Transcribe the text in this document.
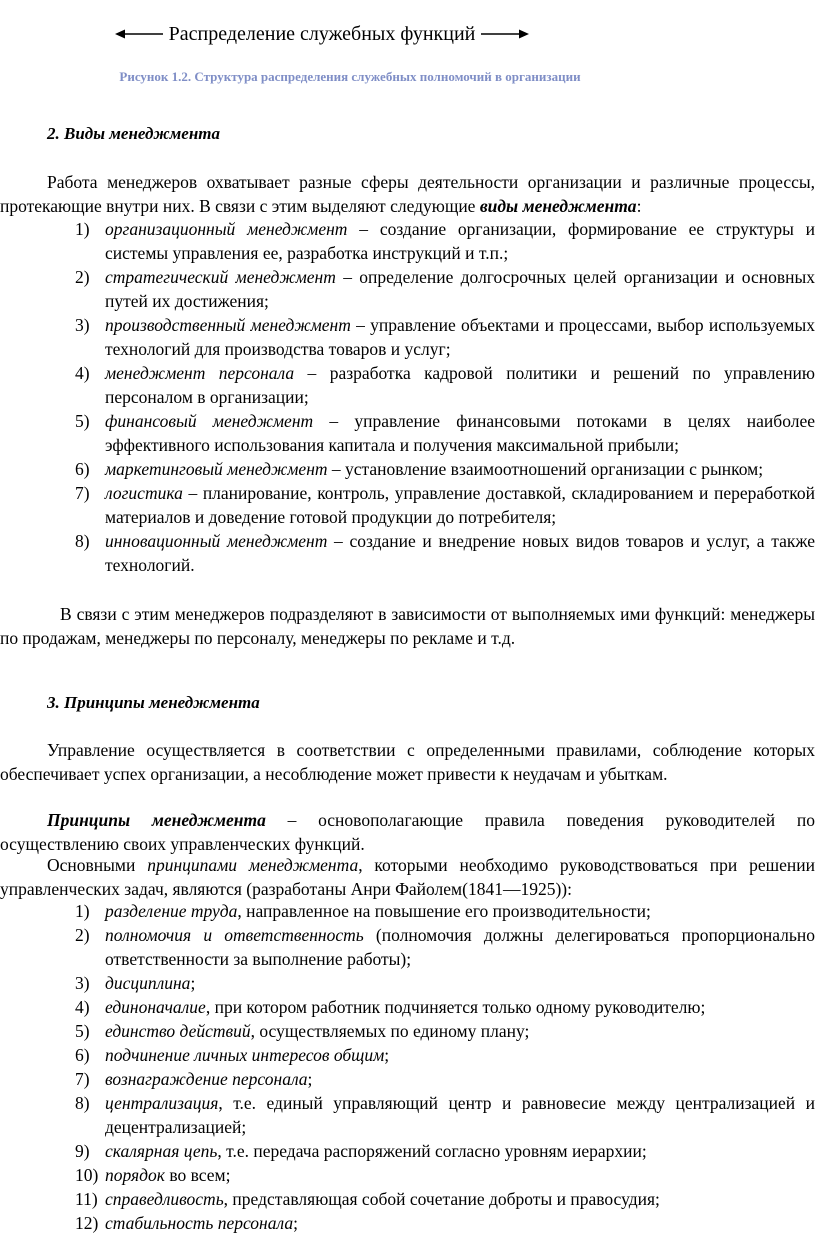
Распределение служебных функций
Рисунок 1.2. Структура распределения служебных полномочий в организации
2. Виды менеджмента
Работа менеджеров охватывает разные сферы деятельности организации и различные процессы, протекающие внутри них. В связи с этим выделяют следующие виды менеджмента:
1) организационный менеджмент – создание организации, формирование ее структуры и системы управления ее, разработка инструкций и т.п.;
2) стратегический менеджмент – определение долгосрочных целей организации и основных путей их достижения;
3) производственный менеджмент – управление объектами и процессами, выбор используемых технологий для производства товаров и услуг;
4) менеджмент персонала – разработка кадровой политики и решений по управлению персоналом в организации;
5) финансовый менеджмент – управление финансовыми потоками в целях наиболее эффективного использования капитала и получения максимальной прибыли;
6) маркетинговый менеджмент – установление взаимоотношений организации с рынком;
7) логистика – планирование, контроль, управление доставкой, складированием и переработкой материалов и доведение готовой продукции до потребителя;
8) инновационный менеджмент – создание и внедрение новых видов товаров и услуг, а также технологий.
В связи с этим менеджеров подразделяют в зависимости от выполняемых ими функций: менеджеры по продажам, менеджеры по персоналу, менеджеры по рекламе и т.д.
3. Принципы менеджмента
Управление осуществляется в соответствии с определенными правилами, соблюдение которых обеспечивает успех организации, а несоблюдение может привести к неудачам и убыткам.
Принципы менеджмента – основополагающие правила поведения руководителей по осуществлению своих управленческих функций.
Основными принципами менеджмента, которыми необходимо руководствоваться при решении управленческих задач, являются (разработаны Анри Файолем(1841—1925)):
1) разделение труда, направленное на повышение его производительности;
2) полномочия и ответственность (полномочия должны делегироваться пропорционально ответственности за выполнение работы);
3) дисциплина;
4) единоначалие, при котором работник подчиняется только одному руководителю;
5) единство действий, осуществляемых по единому плану;
6) подчинение личных интересов общим;
7) вознаграждение персонала;
8) централизация, т.е. единый управляющий центр и равновесие между централизацией и децентрализацией;
9) скалярная цепь, т.е. передача распоряжений согласно уровням иерархии;
10) порядок во всем;
11) справедливость, представляющая собой сочетание доброты и правосудия;
12) стабильность персонала;
